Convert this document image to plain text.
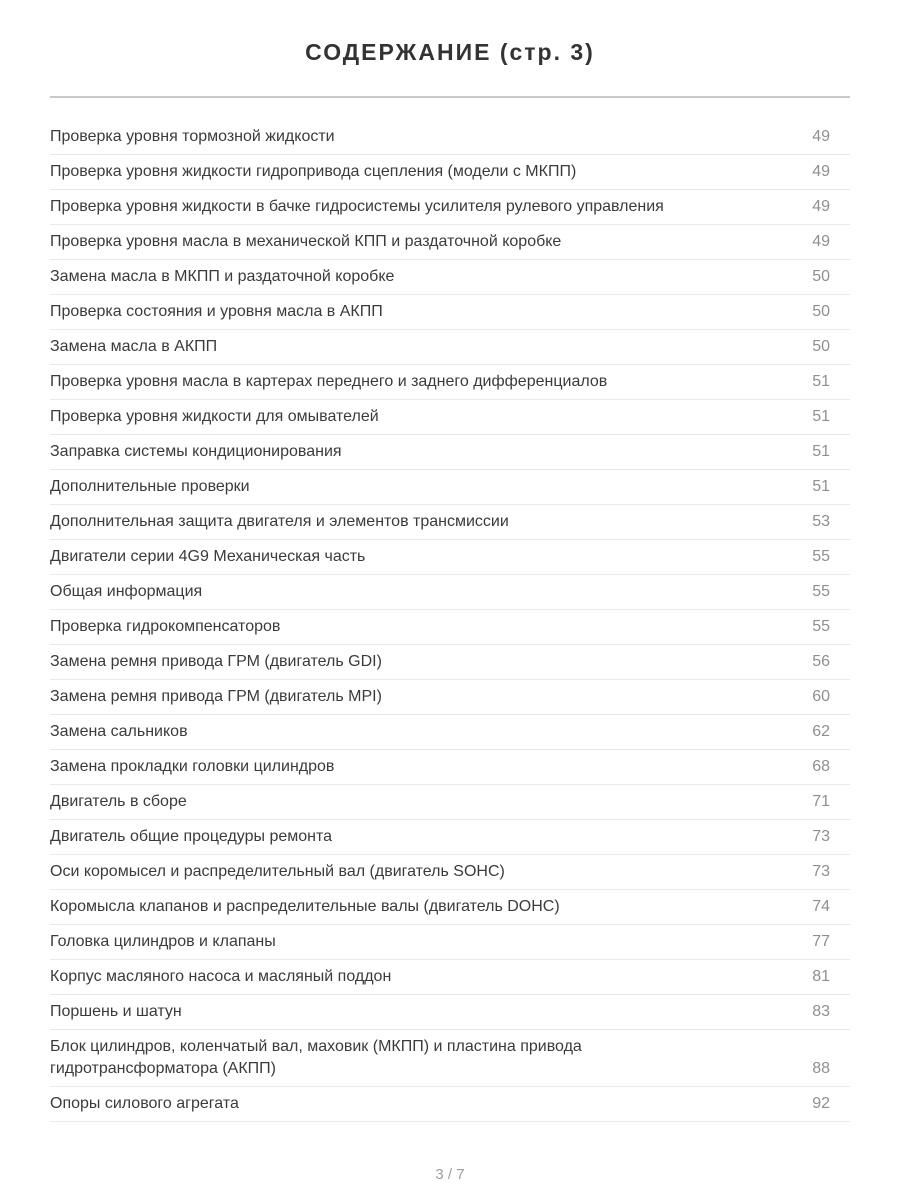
СОДЕРЖАНИЕ (стр. 3)
Проверка уровня тормозной жидкости	49
Проверка уровня жидкости гидропривода сцепления (модели с МКПП)	49
Проверка уровня жидкости в бачке гидросистемы усилителя рулевого управления	49
Проверка уровня масла в механической КПП и раздаточной коробке	49
Замена масла в МКПП и раздаточной коробке	50
Проверка состояния и уровня масла в АКПП	50
Замена масла в АКПП	50
Проверка уровня масла в картерах переднего и заднего дифференциалов	51
Проверка уровня жидкости для омывателей	51
Заправка системы кондиционирования	51
Дополнительные проверки	51
Дополнительная защита двигателя и элементов трансмиссии	53
Двигатели серии 4G9 Механическая часть	55
Общая информация	55
Проверка гидрокомпенсаторов	55
Замена ремня привода ГРМ (двигатель GDI)	56
Замена ремня привода ГРМ (двигатель MPI)	60
Замена сальников	62
Замена прокладки головки цилиндров	68
Двигатель в сборе	71
Двигатель общие процедуры ремонта	73
Оси коромысел и распределительный вал (двигатель SOHC)	73
Коромысла клапанов и распределительные валы (двигатель DOHC)	74
Головка цилиндров и клапаны	77
Корпус масляного насоса и масляный поддон	81
Поршень и шатун	83
Блок цилиндров, коленчатый вал, маховик (МКПП) и пластина привода гидротрансформатора (АКПП)	88
Опоры силового агрегата	92
3 / 7
